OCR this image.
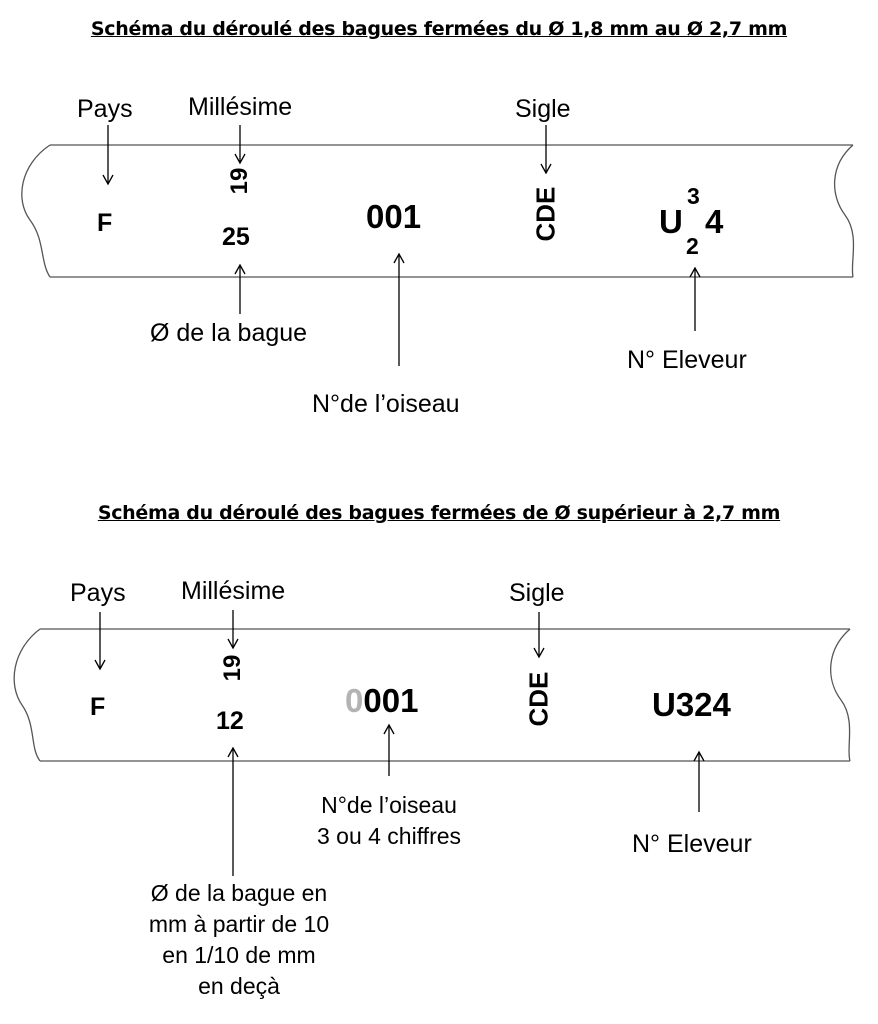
Schéma du déroulé des bagues fermées du Ø 1,8 mm au Ø 2,7 mm
Pays Millésime	Sigle
Ø de la bague
N°de l’oiseau
N° Eleveur
F
19
25
001	CDE	U
3
2
4
Schéma du déroulé des bagues fermées de Ø supérieur à 2,7 mm
Pays Millésime	Sigle
N°de l’oiseau
3 ou 4 chiffres	N° Eleveur
Ø de la bague en
mm à partir de 10
en 1/10 de mm
en deçà
F
19
12
0001	CDE	U324
